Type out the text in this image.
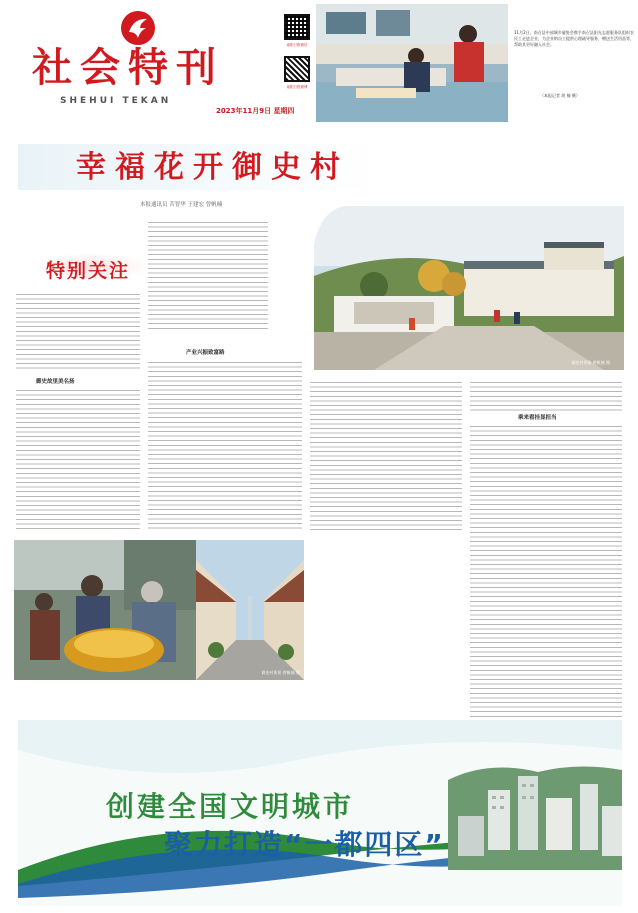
社会特刊
SHEHUI TEKAN
2023年11月9日 星期四
南阳日报微信
南阳日报微博
11月2日，南召县中部城乡屠协会携手南召县阳光志愿服务队组织农民工走进企业，为企业纳员工提供心理疏导服务，赠送生活用品等，帮助其更好融入社会。
（本报记者 胡 楠 摄）
幸福花开御史村
本报通讯员 苦智华 王建宏 曾帆楠
特别关注
御史故里美名扬
产业兴振致富路
乘来看挂显担当
御史村景象 曾帆楠 摄
御史村街景 曾帆楠 摄
创建全国文明城市
聚力打造“一都四区”
